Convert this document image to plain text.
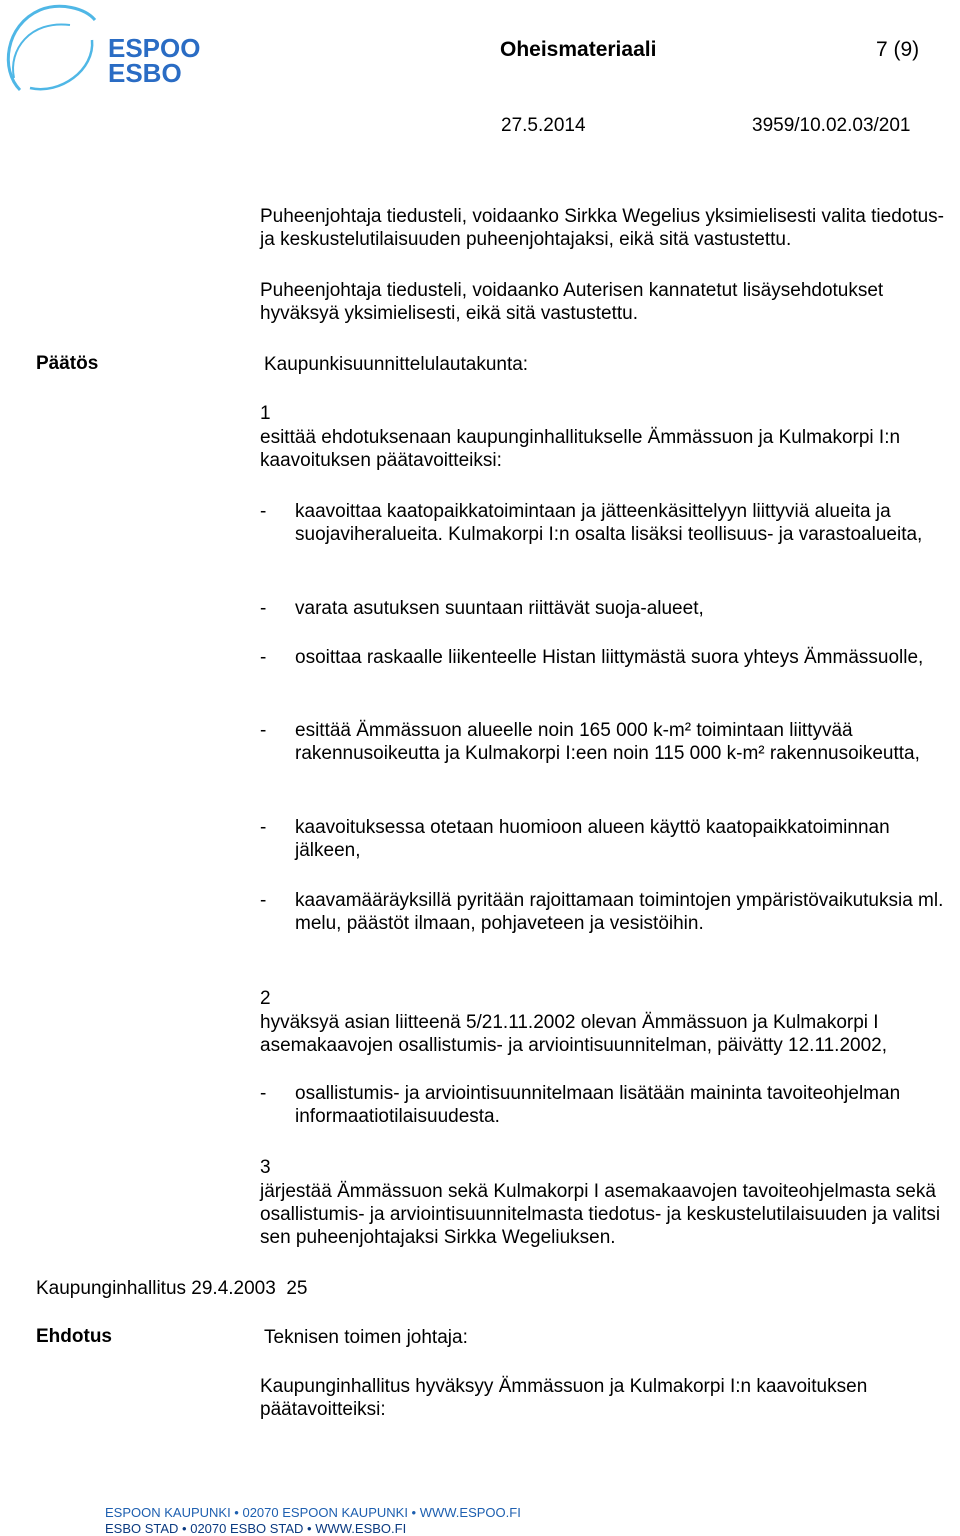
ESPOO
ESBO
Oheismateriaali	7 (9)
27.5.2014	3959/10.02.03/201

Puheenjohtaja tiedusteli, voidaanko Sirkka Wegelius yksimielisesti valita tiedotus- ja keskustelutilaisuuden puheenjohtajaksi, eikä sitä vastustettu.

Puheenjohtaja tiedusteli, voidaanko Auterisen kannatetut lisäysehdotukset hyväksyä yksimielisesti, eikä sitä vastustettu.

Päätös	Kaupunkisuunnittelulautakunta:
1

esittää ehdotuksenaan kaupunginhallitukselle Ämmässuon ja Kulmakorpi I:n kaavoituksen päätavoitteiksi:

- kaavoittaa kaatopaikkatoimintaan ja jätteenkäsittelyyn liittyviä alueita ja suojaviheralueita. Kulmakorpi I:n osalta lisäksi teollisuus- ja varastoalueita,

- varata asutuksen suuntaan riittävät suoja-alueet,

- osoittaa raskaalle liikenteelle Histan liittymästä suora yhteys Ämmässuolle,

- esittää Ämmässuon alueelle noin 165 000 k-m² toimintaan liittyvää rakennusoikeutta ja Kulmakorpi I:een noin 115 000 k-m² rakennusoikeutta,

- kaavoituksessa otetaan huomioon alueen käyttö kaatopaikkatoiminnan jälkeen,

- kaavamääräyksillä pyritään rajoittamaan toimintojen ympäristövaikutuksia ml. melu, päästöt ilmaan, pohjaveteen ja vesistöihin.

2

hyväksyä asian liitteenä 5/21.11.2002 olevan Ämmässuon ja Kulmakorpi I asemakaavojen osallistumis- ja arviointisuunnitelman, päivätty 12.11.2002,

- osallistumis- ja arviointisuunnitelmaan lisätään maininta tavoiteohjelman informaatiotilaisuudesta.

3

järjestää Ämmässuon sekä Kulmakorpi I asemakaavojen tavoiteohjelmasta sekä osallistumis- ja arviointisuunnitelmasta tiedotus- ja keskustelutilaisuuden ja valitsi sen puheenjohtajaksi Sirkka Wegeliuksen.

Kaupunginhallitus 29.4.2003  25
Ehdotus	Teknisen toimen johtaja:

Kaupunginhallitus hyväksyy Ämmässuon ja Kulmakorpi I:n kaavoituksen päätavoitteiksi:

ESPOON KAUPUNKI • 02070 ESPOON KAUPUNKI • WWW.ESPOO.FI
ESBO STAD • 02070 ESBO STAD • WWW.ESBO.FI
